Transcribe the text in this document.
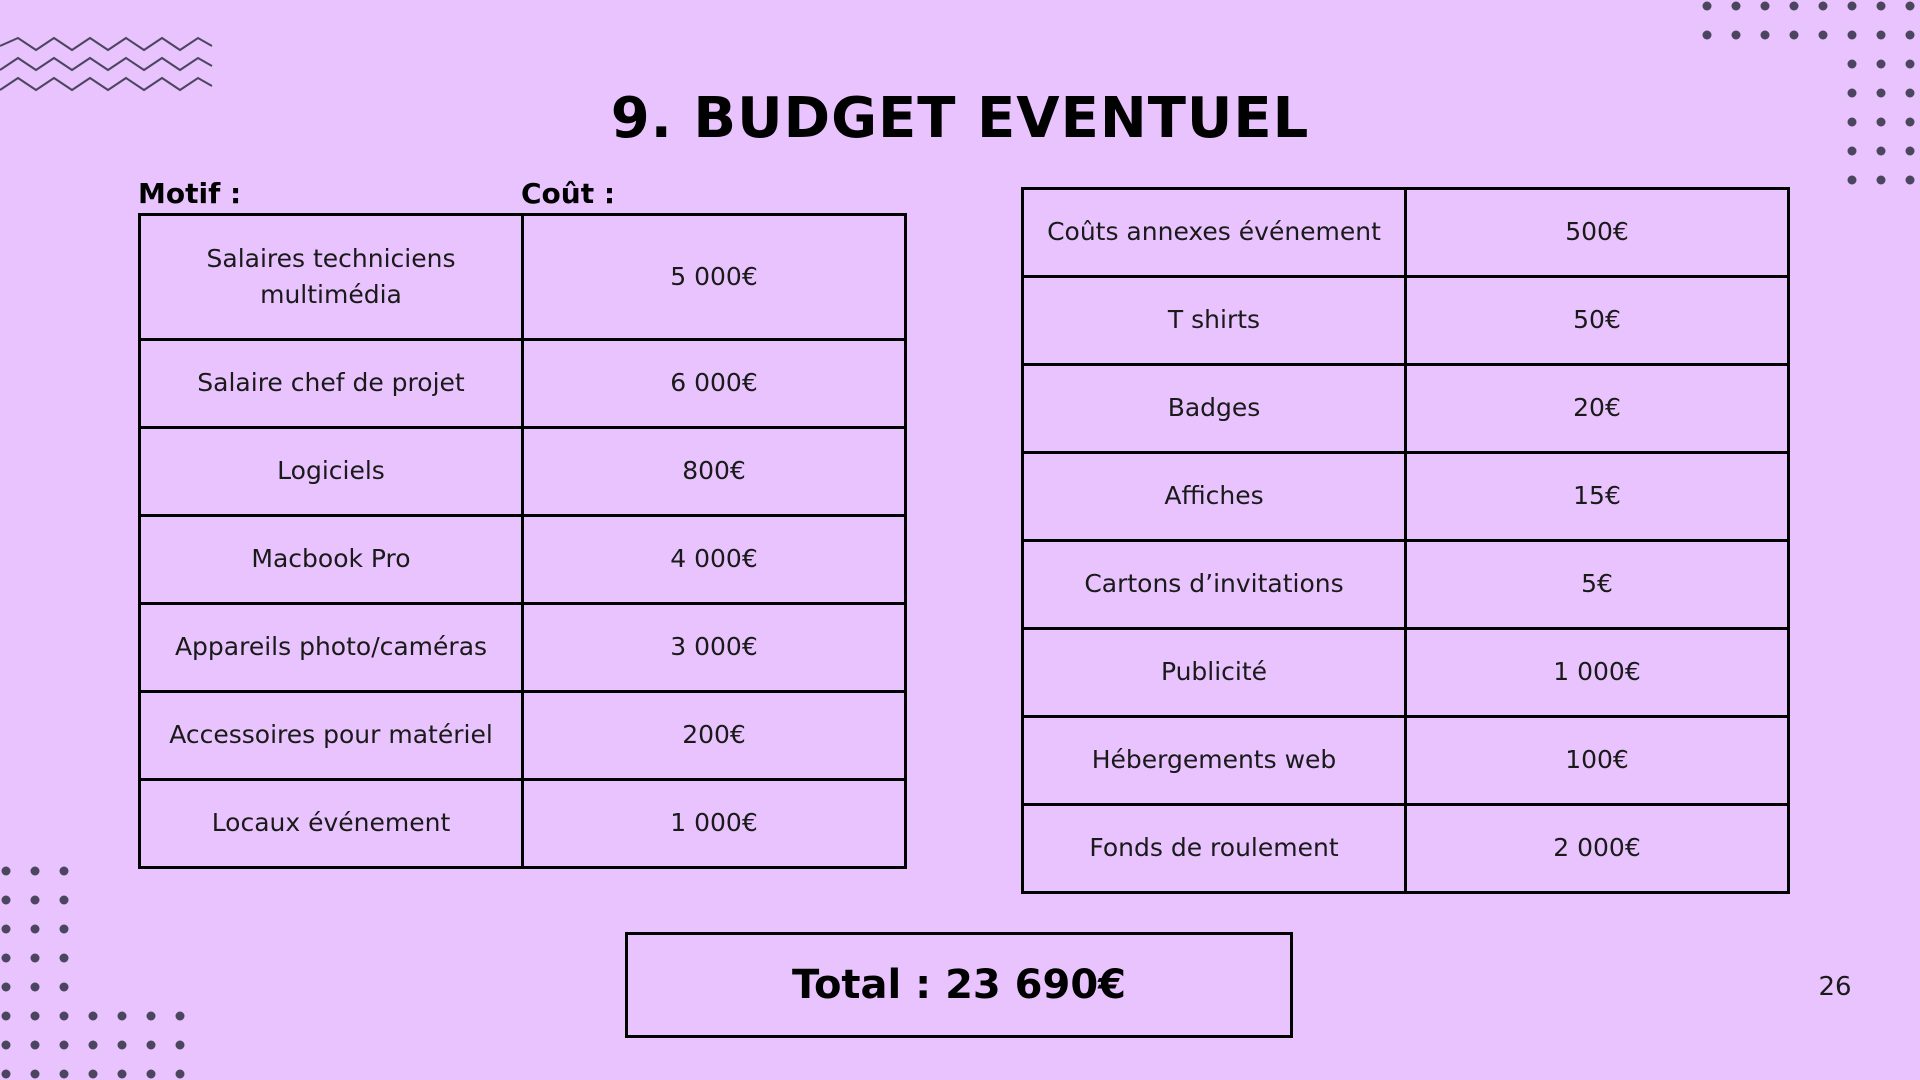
9. BUDGET EVENTUEL
Motif :	Coût :
Salaires techniciens multimédia	5 000€
Salaire chef de projet	6 000€
Logiciels	800€
Macbook Pro	4 000€
Appareils photo/caméras	3 000€
Accessoires pour matériel	200€
Locaux événement	1 000€
Coûts annexes événement	500€
T shirts	50€
Badges	20€
Affiches	15€
Cartons d’invitations	5€
Publicité	1 000€
Hébergements web	100€
Fonds de roulement	2 000€
Total : 23 690€	26
